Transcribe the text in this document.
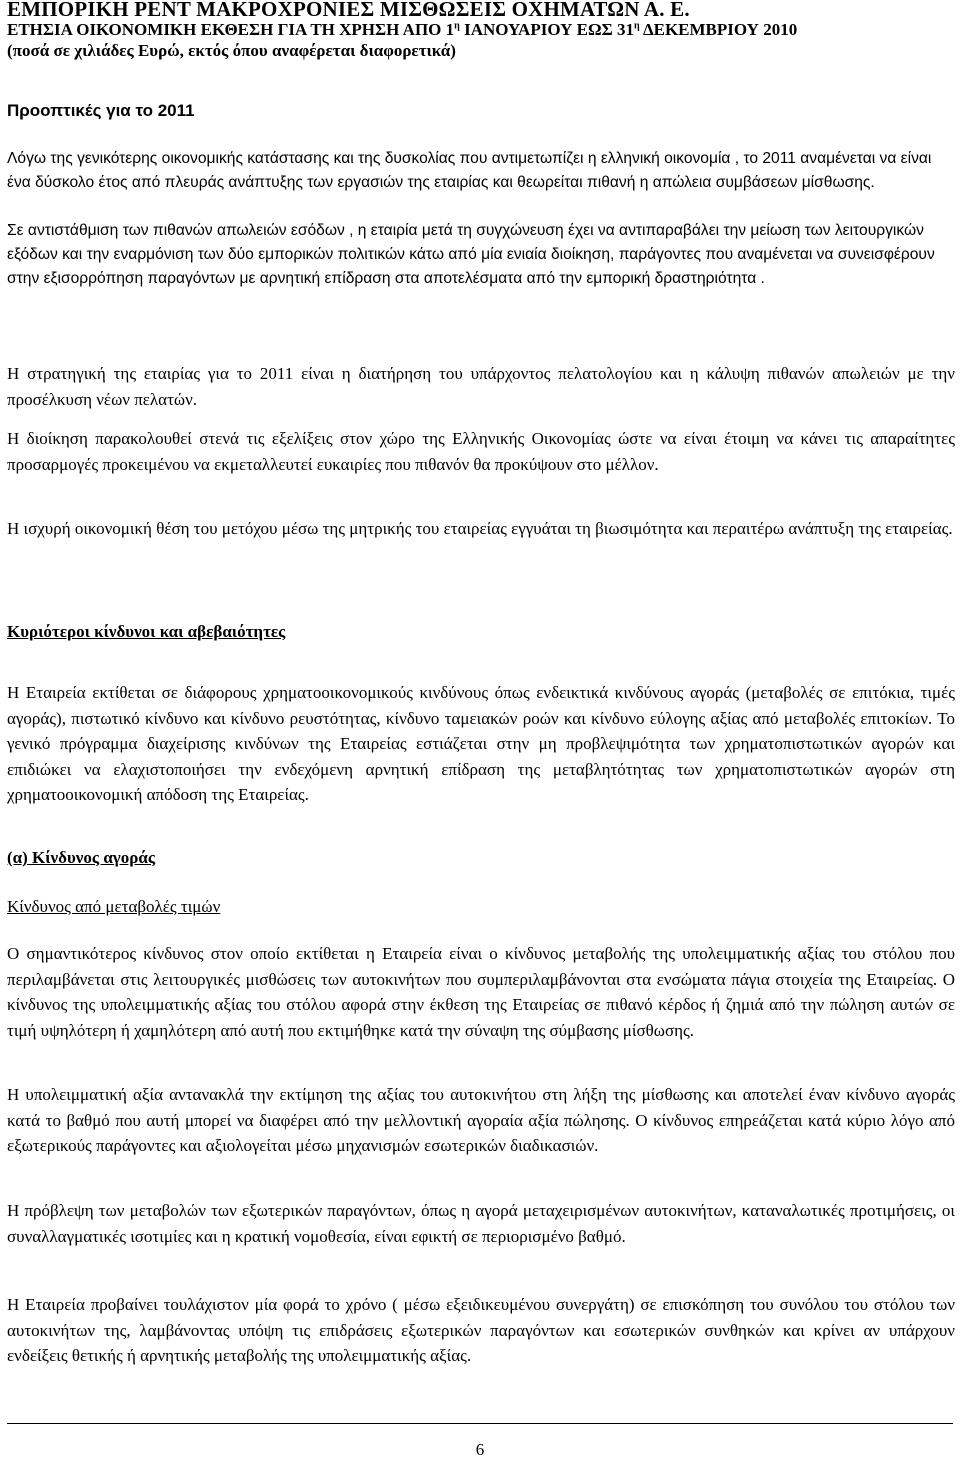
ΕΜΠΟΡΙΚΗ ΡΕΝΤ ΜΑΚΡΟΧΡΟΝΙΕΣ ΜΙΣΘΩΣΕΙΣ ΟΧΗΜΑΤΩΝ Α. Ε.
ΕΤΗΣΙΑ ΟΙΚΟΝΟΜΙΚΗ ΕΚΘΕΣΗ ΓΙΑ ΤΗ ΧΡΗΣΗ ΑΠΟ $1^\eta$ ΙΑΝΟΥΑΡΙΟΥ ΕΩΣ $31^\eta$ ΔΕΚΕΜΒΡΙΟΥ 2010
(ποσά σε χιλιάδες Ευρώ, εκτός όπου αναφέρεται διαφορετικά)
Προοπτικές για το 2011

Λόγω της γενικότερης οικονομικής κατάστασης και της δυσκολίας που αντιμετωπίζει η ελληνική οικονομία , το 2011 αναμένεται να είναι ένα δύσκολο έτος από πλευράς ανάπτυξης των εργασιών της εταιρίας και θεωρείται πιθανή η απώλεια συμβάσεων μίσθωσης.

Σε αντιστάθμιση των πιθανών απωλειών εσόδων , η εταιρία μετά τη συγχώνευση έχει να αντιπαραβάλει την μείωση των λειτουργικών εξόδων και την εναρμόνιση των δύο εμπορικών πολιτικών κάτω από μία ενιαία διοίκηση, παράγοντες που αναμένεται να συνεισφέρουν στην εξισορρόπηση παραγόντων με αρνητική επίδραση στα αποτελέσματα από την εμπορική δραστηριότητα .

Η στρατηγική της εταιρίας για το 2011 είναι η διατήρηση του υπάρχοντος πελατολογίου και η κάλυψη πιθανών απωλειών με την προσέλκυση νέων πελατών.

Η διοίκηση παρακολουθεί στενά τις εξελίξεις στον χώρο της Ελληνικής Οικονομίας ώστε να είναι έτοιμη να κάνει τις απαραίτητες προσαρμογές προκειμένου να εκμεταλλευτεί ευκαιρίες που πιθανόν θα προκύψουν στο μέλλον.

Η ισχυρή οικονομική θέση του μετόχου μέσω της μητρικής του εταιρείας εγγυάται τη βιωσιμότητα και περαιτέρω ανάπτυξη της εταιρείας.

Κυριότεροι κίνδυνοι και αβεβαιότητες

Η Εταιρεία εκτίθεται σε διάφορους χρηματοοικονομικούς κινδύνους όπως ενδεικτικά κινδύνους αγοράς (μεταβολές σε επιτόκια, τιμές αγοράς), πιστωτικό κίνδυνο και κίνδυνο ρευστότητας, κίνδυνο ταμειακών ροών και κίνδυνο εύλογης αξίας από μεταβολές επιτοκίων. Το γενικό πρόγραμμα διαχείρισης κινδύνων της Εταιρείας εστιάζεται στην μη προβλεψιμότητα των χρηματοπιστωτικών αγορών και επιδιώκει να ελαχιστοποιήσει την ενδεχόμενη αρνητική επίδραση της μεταβλητότητας των χρηματοπιστωτικών αγορών στη χρηματοοικονομική απόδοση της Εταιρείας.

(α) Κίνδυνος αγοράς
Κίνδυνος από μεταβολές τιμών

Ο σημαντικότερος κίνδυνος στον οποίο εκτίθεται η Εταιρεία είναι ο κίνδυνος μεταβολής της υπολειμματικής αξίας του στόλου που περιλαμβάνεται στις λειτουργικές μισθώσεις των αυτοκινήτων που συμπεριλαμβάνονται στα ενσώματα πάγια στοιχεία της Εταιρείας. Ο κίνδυνος της υπολειμματικής αξίας του στόλου αφορά στην έκθεση της Εταιρείας σε πιθανό κέρδος ή ζημιά από την πώληση αυτών σε τιμή υψηλότερη ή χαμηλότερη από αυτή που εκτιμήθηκε κατά την σύναψη της σύμβασης μίσθωσης.

Η υπολειμματική αξία αντανακλά την εκτίμηση της αξίας του αυτοκινήτου στη λήξη της μίσθωσης και αποτελεί έναν κίνδυνο αγοράς κατά το βαθμό που αυτή μπορεί να διαφέρει από την μελλοντική αγοραία αξία πώλησης. Ο κίνδυνος επηρεάζεται κατά κύριο λόγο από εξωτερικούς παράγοντες και αξιολογείται μέσω μηχανισμών εσωτερικών διαδικασιών.

Η πρόβλεψη των μεταβολών των εξωτερικών παραγόντων, όπως η αγορά μεταχειρισμένων αυτοκινήτων, καταναλωτικές προτιμήσεις, οι συναλλαγματικές ισοτιμίες και η κρατική νομοθεσία, είναι εφικτή σε περιορισμένο βαθμό.

Η Εταιρεία προβαίνει τουλάχιστον μία φορά το χρόνο ( μέσω εξειδικευμένου συνεργάτη) σε επισκόπηση του συνόλου του στόλου των αυτοκινήτων της, λαμβάνοντας υπόψη τις επιδράσεις εξωτερικών παραγόντων και εσωτερικών συνθηκών και κρίνει αν υπάρχουν ενδείξεις θετικής ή αρνητικής μεταβολής της υπολειμματικής αξίας.

6
